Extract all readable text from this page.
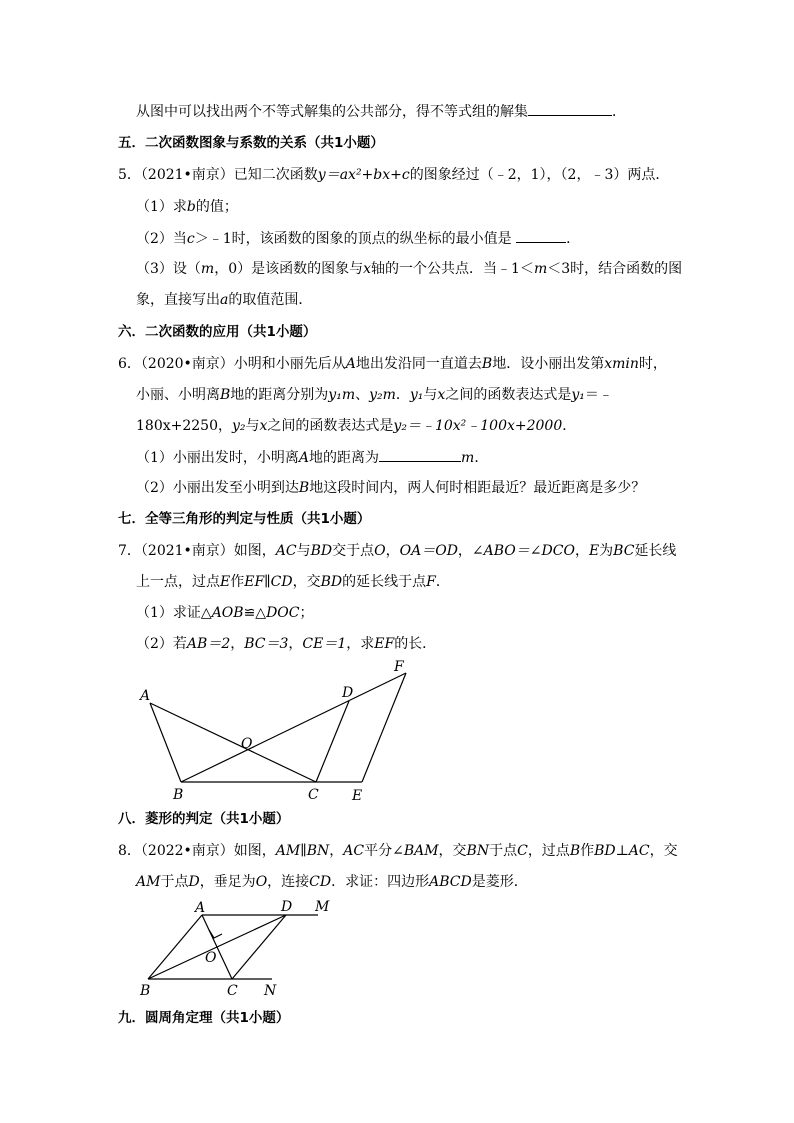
从图中可以找出两个不等式解集的公共部分，得不等式组的解集	．
五．二次函数图象与系数的关系（共1小题）
5．（2021•南京）已知二次函数y＝ax²+bx+c的图象经过（﹣2，1），（2，﹣3）两点．
（1）求b的值；
（2）当c＞﹣1时，该函数的图象的顶点的纵坐标的最小值是	．
（3）设（m，0）是该函数的图象与x轴的一个公共点．当﹣1＜m＜3时，结合函数的图
象，直接写出a的取值范围．
六．二次函数的应用（共1小题）
6．（2020•南京）小明和小丽先后从A地出发沿同一直道去B地．设小丽出发第xmin时，
小丽、小明离B地的距离分别为y₁m、y₂m．y₁与x之间的函数表达式是y₁＝﹣
180x+2250，y₂与x之间的函数表达式是y₂＝﹣10x²﹣100x+2000．
（1）小丽出发时，小明离A地的距离为	m．
（2）小丽出发至小明到达B地这段时间内，两人何时相距最近？最近距离是多少？
七．全等三角形的判定与性质（共1小题）
7．（2021•南京）如图，AC与BD交于点O，OA＝OD，∠ABO＝∠DCO，E为BC延长线
上一点，过点E作EF∥CD，交BD的延长线于点F．
（1）求证△AOB≌△DOC；
（2）若AB＝2，BC＝3，CE＝1，求EF的长．
A
B	C
D
E
F
O
八．菱形的判定（共1小题）
8．（2022•南京）如图，AM∥BN，AC平分∠BAM，交BN于点C，过点B作BD⊥AC，交
AM于点D，垂足为O，连接CD．求证：四边形ABCD是菱形．
A	D M
O
B	C N
九．圆周角定理（共1小题）
